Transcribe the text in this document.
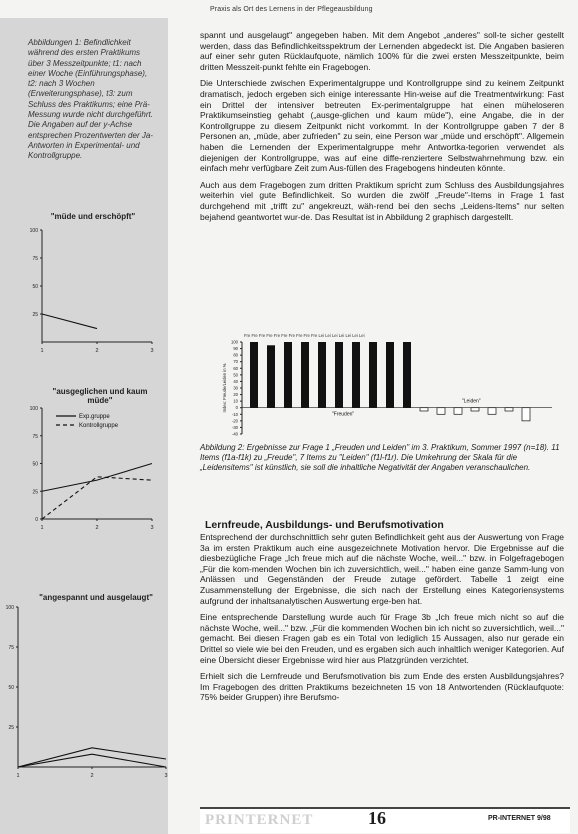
Praxis als Ort des Lernens in der Pflegeausbildung
Abbildungen 1: Befindlichkeit während des ersten Praktikums über 3 Messzeitpunkte; t1: nach einer Woche (Einführungsphase), t2: nach 3 Wochen (Erweiterungsphase), t3: zum Schluss des Praktikums; eine Prä-Messung wurde nicht durchgeführt. Die Angaben auf der y-Achse entsprechen Prozentwerten der Ja-Antworten in Experimental- und Kontrollgruppe.
"müde und erschöpft"
100
75
50
25
1	2	3
"ausgeglichen und kaum müde"
100
75
50
25
0
1	2	3
Exp.gruppe
Kontrollgruppe
"angespannt und ausgelaugt"
100
75
50
25
1	2	3

spannt und ausgelaugt" angegeben haben. Mit dem Angebot „anderes" soll-te sicher gestellt werden, dass das Befindlichkeitsspektrum der Lernenden abgedeckt ist. Die Angaben basieren auf einer sehr guten Rücklaufquote, nämlich 100% für die zwei ersten Messzeitpunkte, beim dritten Messzeit-punkt fehlte ein Fragebogen.

Die Unterschiede zwischen Experimentalgruppe und Kontrollgruppe sind zu keinem Zeitpunkt dramatisch, jedoch ergeben sich einige interessante Hin-weise auf die Treatmentwirkung: Fast ein Drittel der intensiver betreuten Ex-perimentalgruppe hat einen müheloseren Praktikumseinstieg gehabt („ausge-glichen und kaum müde"), eine Angabe, die in der Kontrollgruppe zu diesem Zeitpunkt nicht vorkommt. In der Kontrollgruppe gaben 7 der 8 Personen an, „müde, aber zufrieden" zu sein, eine Person war „müde und erschöpft". Allgemein haben die Lernenden der Experimentalgruppe mehr Antwortka-tegorien verwendet als diejenigen der Kontrollgruppe, was auf eine diffe-renziertere Selbstwahrnehmung bzw. ein einfach mehr verfügbare Zeit zum Aus-füllen des Fragebogens hindeuten könnte.

Auch aus dem Fragebogen zum dritten Praktikum spricht zum Schluss des Ausbildungsjahres weiterhin viel gute Befindlichkeit. So wurden die zwölf „Freude"-Items in Frage 1 fast durchgehend mit „trifft zu" angekreuzt, wäh-rend bei den sechs „Leidens-Items" nur selten bejahend geantwortet wur-de. Das Resultat ist in Abbildung 2 graphisch dargestellt.

Fre Fre Fre Fre Fre Fre Fre Fre Fre Fre Lei Lei Lei Lei Lei Lei Lei
100
90
80
70
60
50
40
30
20
10
0
-10
-20
-30
-40
Index: Freude/Leiden in %
"Freuden"
"Leiden"
Abbildung 2: Ergebnisse zur Frage 1 „Freuden und Leiden" im 3. Praktikum, Sommer 1997 (n=18). 11 Items (f1a-f1k) zu „Freude", 7 Items zu "Leiden" (f1l-f1r). Die Umkehrung der Skala für die „Leidensitems" ist künstlich, sie soll die inhaltliche Negativität der Angaben veranschaulichen.
Lernfreude, Ausbildungs- und Berufsmotivation

Entsprechend der durchschnittlich sehr guten Befindlichkeit geht aus der Auswertung von Frage 3a im ersten Praktikum auch eine ausgezeichnete Motivation hervor. Die Ergebnisse auf die diesbezügliche Frage „Ich freue mich auf die nächste Woche, weil..." bzw. in Folgefragebogen „Für die kom-menden Wochen bin ich zuversichtlich, weil..." haben eine ganze Samm-lung von Anlässen und Gegenständen der Freude zutage gefördert. Tabelle 1 zeigt eine Zusammenstellung der Ergebnisse, die sich nach der Erstellung eines Kategoriensystems aufgrund der inhaltsanalytischen Auswertung erge-ben hat.

Eine entsprechende Darstellung wurde auch für Frage 3b „Ich freue mich nicht so auf die nächste Woche, weil..." bzw. „Für die kommenden Wochen bin ich nicht so zuversichtlich, weil..." gemacht. Bei diesen Fragen gab es ein Total von lediglich 15 Aussagen, also nur gerade ein Drittel so viele wie bei den Freuden, und es ergaben sich auch inhaltlich weniger Kategorien. Auf eine Übersicht dieser Ergebnisse wird hier aus Platzgründen verzichtet.

Erhielt sich die Lernfreude und Berufsmotivation bis zum Ende des ersten Ausbildungsjahres? Im Fragebogen des dritten Praktikums bezeichneten 15 von 18 Antwortenden (Rücklaufquote: 75% beider Gruppen) ihre Berufsmo-

PRINTERNET	16	PR-INTERNET 9/98
